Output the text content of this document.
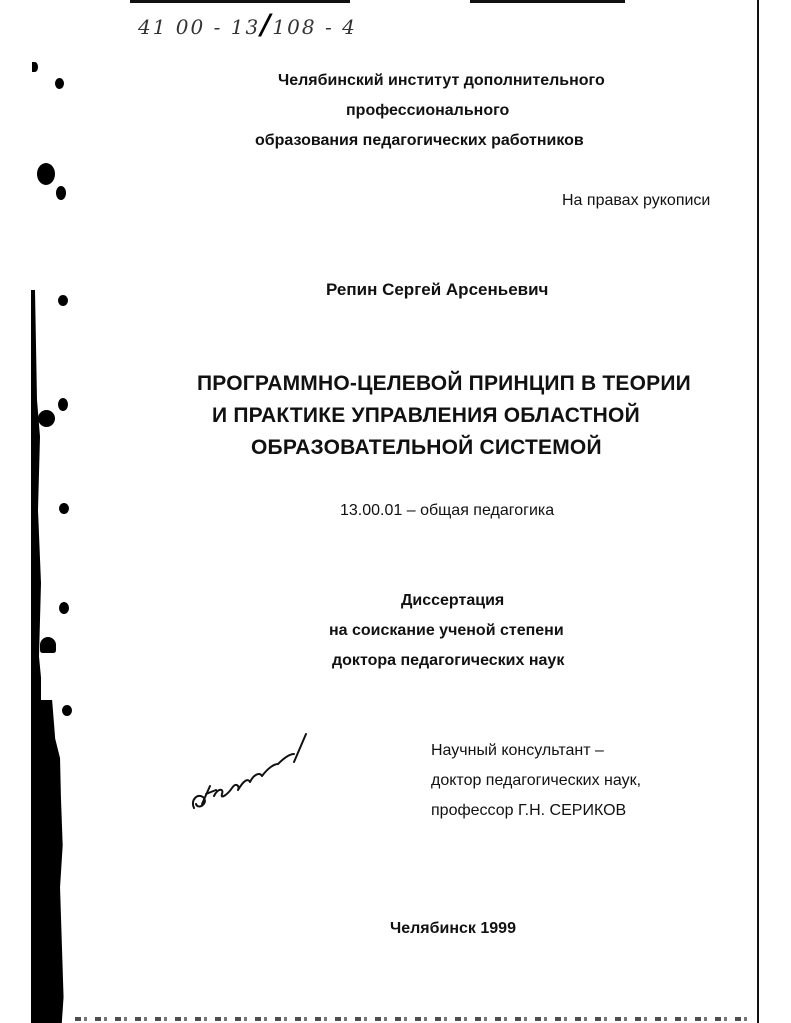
41 00 - 13/108 - 4
Челябинский институт дополнительного
профессионального
образования педагогических работников
На правах рукописи
Репин Сергей Арсеньевич
ПРОГРАММНО-ЦЕЛЕВОЙ ПРИНЦИП В ТЕОРИИ
И ПРАКТИКЕ УПРАВЛЕНИЯ ОБЛАСТНОЙ
ОБРАЗОВАТЕЛЬНОЙ СИСТЕМОЙ
13.00.01 – общая педагогика
Диссертация
на соискание ученой степени
доктора педагогических наук
Научный консультант –
доктор педагогических наук,
профессор Г.Н. СЕРИКОВ
Челябинск 1999
